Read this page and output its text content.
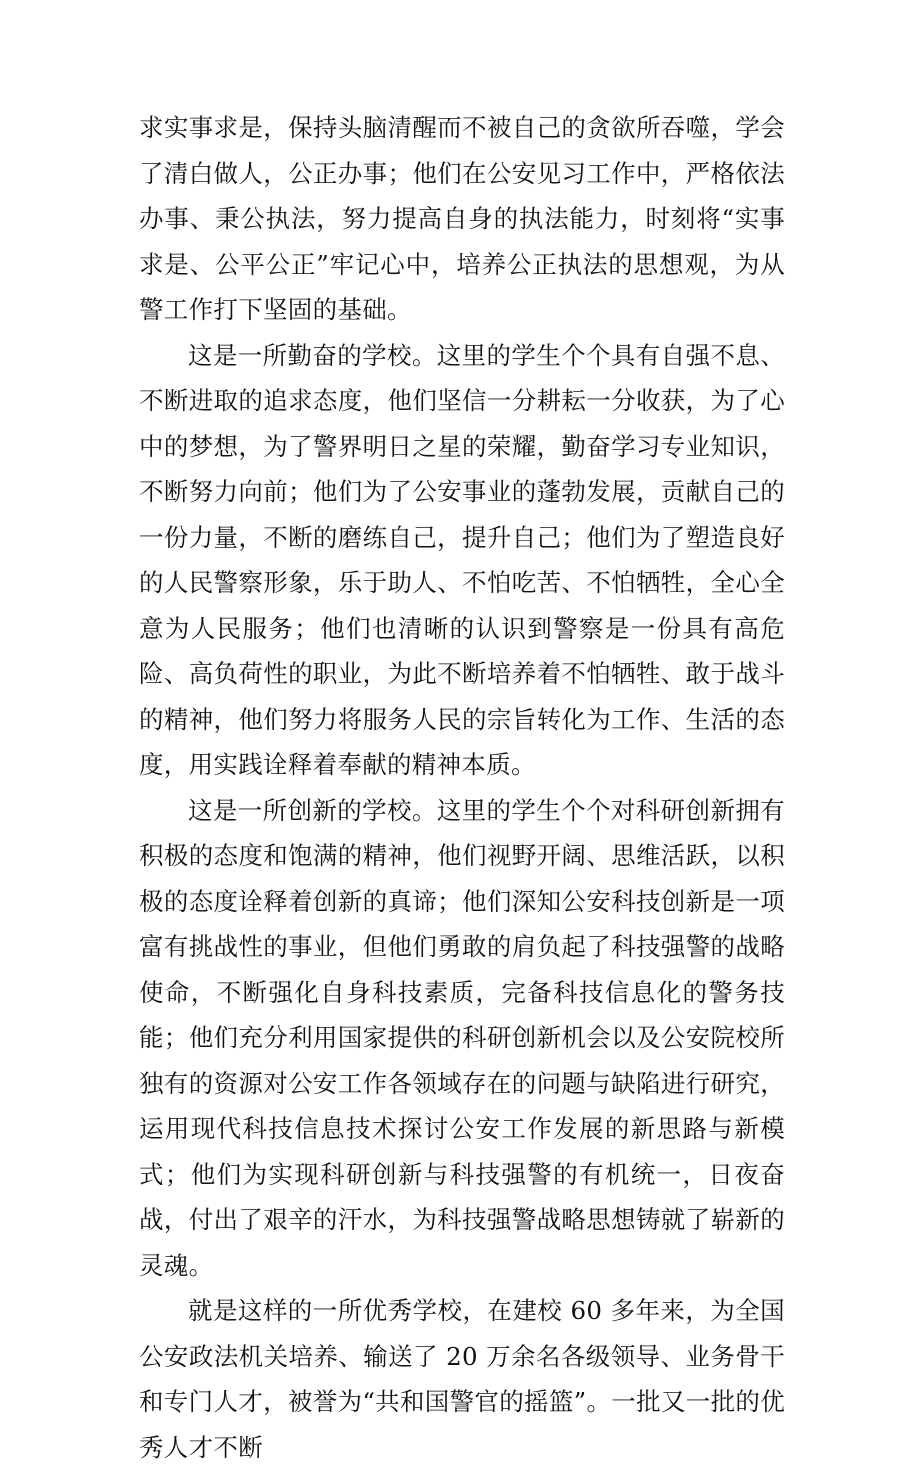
求实事求是，保持头脑清醒而不被自己的贪欲所吞噬，学会了清白做人，公正办事；他们在公安见习工作中，严格依法办事、秉公执法，努力提高自身的执法能力，时刻将“实事求是、公平公正”牢记心中，培养公正执法的思想观，为从警工作打下坚固的基础。

这是一所勤奋的学校。这里的学生个个具有自强不息、不断进取的追求态度，他们坚信一分耕耘一分收获，为了心中的梦想，为了警界明日之星的荣耀，勤奋学习专业知识，不断努力向前；他们为了公安事业的蓬勃发展，贡献自己的一份力量，不断的磨练自己，提升自己；他们为了塑造良好的人民警察形象，乐于助人、不怕吃苦、不怕牺牲，全心全意为人民服务；他们也清晰的认识到警察是一份具有高危险、高负荷性的职业，为此不断培养着不怕牺牲、敢于战斗的精神，他们努力将服务人民的宗旨转化为工作、生活的态度，用实践诠释着奉献的精神本质。

这是一所创新的学校。这里的学生个个对科研创新拥有积极的态度和饱满的精神，他们视野开阔、思维活跃，以积极的态度诠释着创新的真谛；他们深知公安科技创新是一项富有挑战性的事业，但他们勇敢的肩负起了科技强警的战略使命，不断强化自身科技素质，完备科技信息化的警务技能；他们充分利用国家提供的科研创新机会以及公安院校所独有的资源对公安工作各领域存在的问题与缺陷进行研究，运用现代科技信息技术探讨公安工作发展的新思路与新模式；他们为实现科研创新与科技强警的有机统一，日夜奋战，付出了艰辛的汗水，为科技强警战略思想铸就了崭新的灵魂。

就是这样的一所优秀学校，在建校 60 多年来，为全国公安政法机关培养、输送了 20 万余名各级领导、业务骨干和专门人才，被誉为“共和国警官的摇篮”。一批又一批的优秀人才不断
